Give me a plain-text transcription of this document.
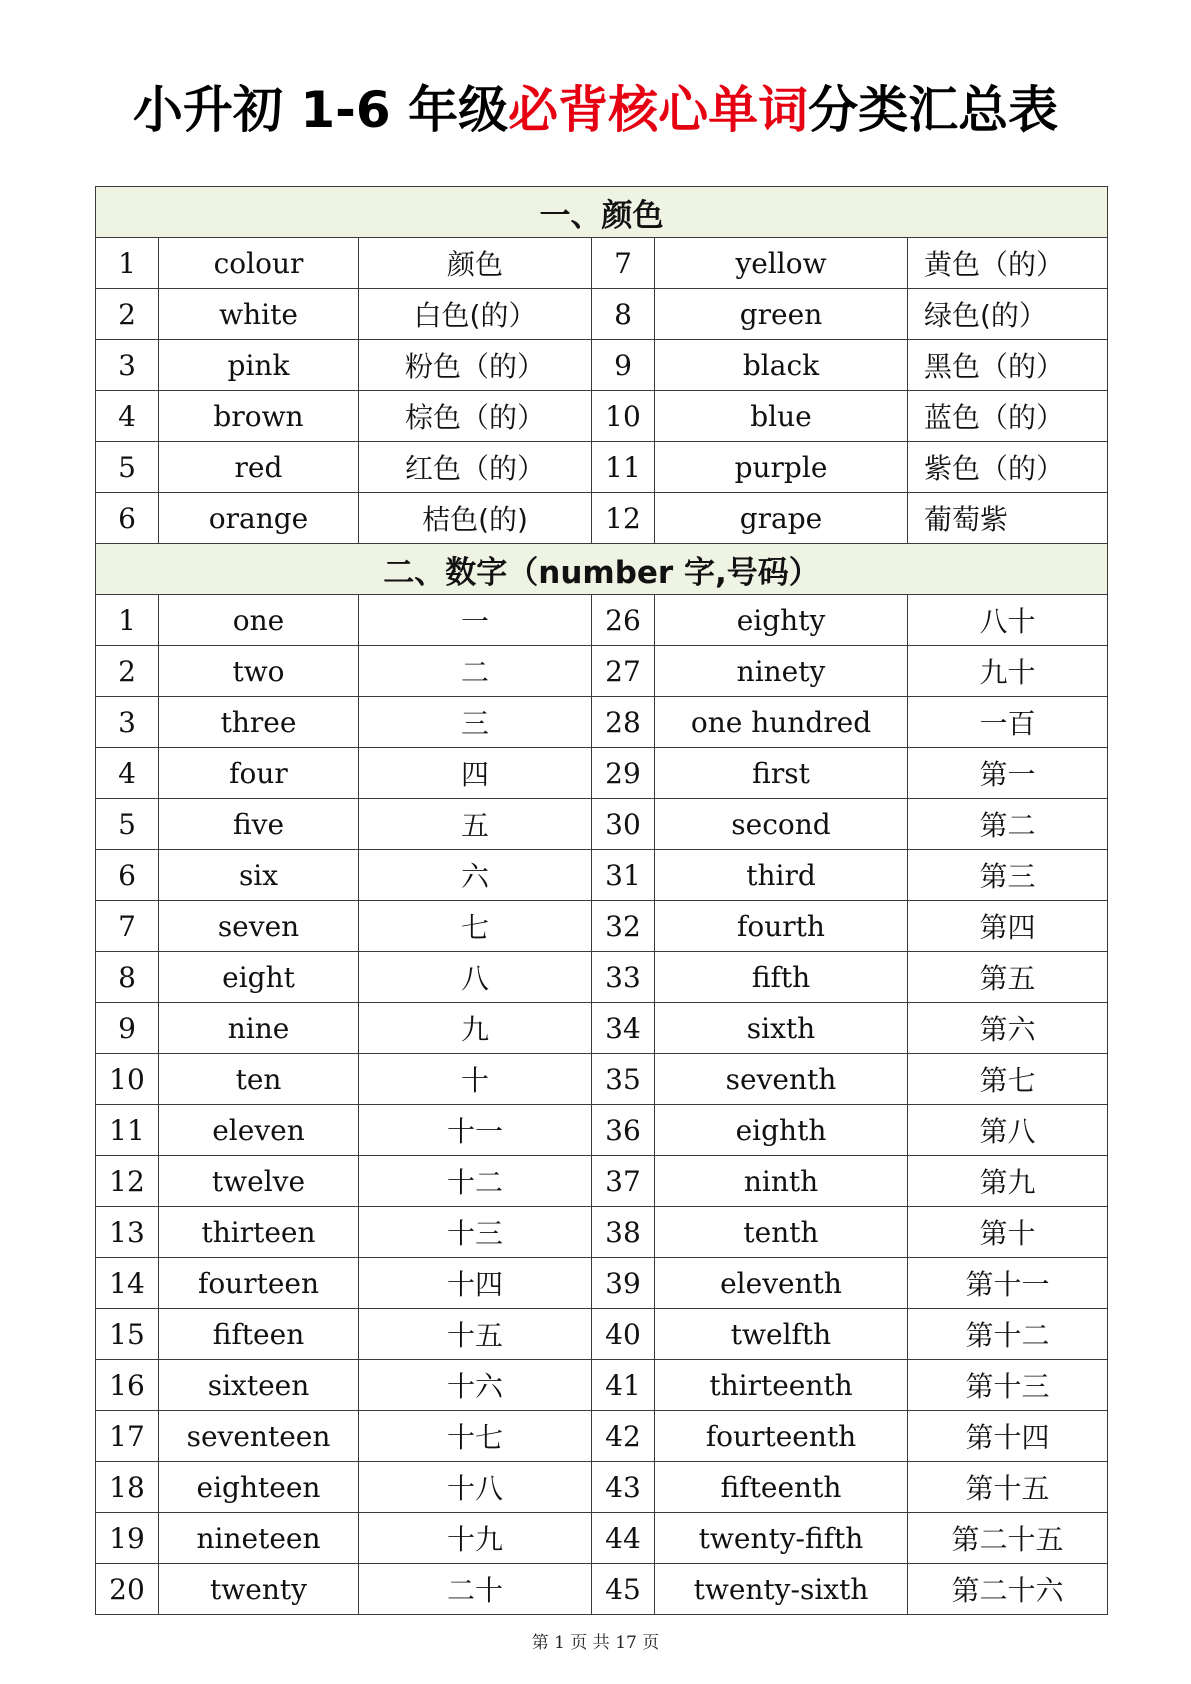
小升初 1-6 年级必背核心单词分类汇总表
一、颜色					
1	colour	颜色	7	yellow	黄色（的）
2	white	白色(的）	8	green	绿色(的）
3	pink	粉色（的）	9	black	黑色（的）
4	brown	棕色（的）	10	blue	蓝色（的）
5	red	红色（的）	11	purple	紫色（的）
6	orange	桔色(的)	12	grape	葡萄紫
二、数字（number 字,号码）					
1	one	一	26	eighty	八十
2	two	二	27	ninety	九十
3	three	三	28	one hundred	一百
4	four	四	29	first	第一
5	five	五	30	second	第二
6	six	六	31	third	第三
7	seven	七	32	fourth	第四
8	eight	八	33	fifth	第五
9	nine	九	34	sixth	第六
10	ten	十	35	seventh	第七
11	eleven	十一	36	eighth	第八
12	twelve	十二	37	ninth	第九
13	thirteen	十三	38	tenth	第十
14	fourteen	十四	39	eleventh	第十一
15	fifteen	十五	40	twelfth	第十二
16	sixteen	十六	41	thirteenth	第十三
17	seventeen	十七	42	fourteenth	第十四
18	eighteen	十八	43	fifteenth	第十五
19	nineteen	十九	44	twenty-fifth	第二十五
20	twenty	二十	45	twenty-sixth	第二十六
第 1 页 共 17 页
